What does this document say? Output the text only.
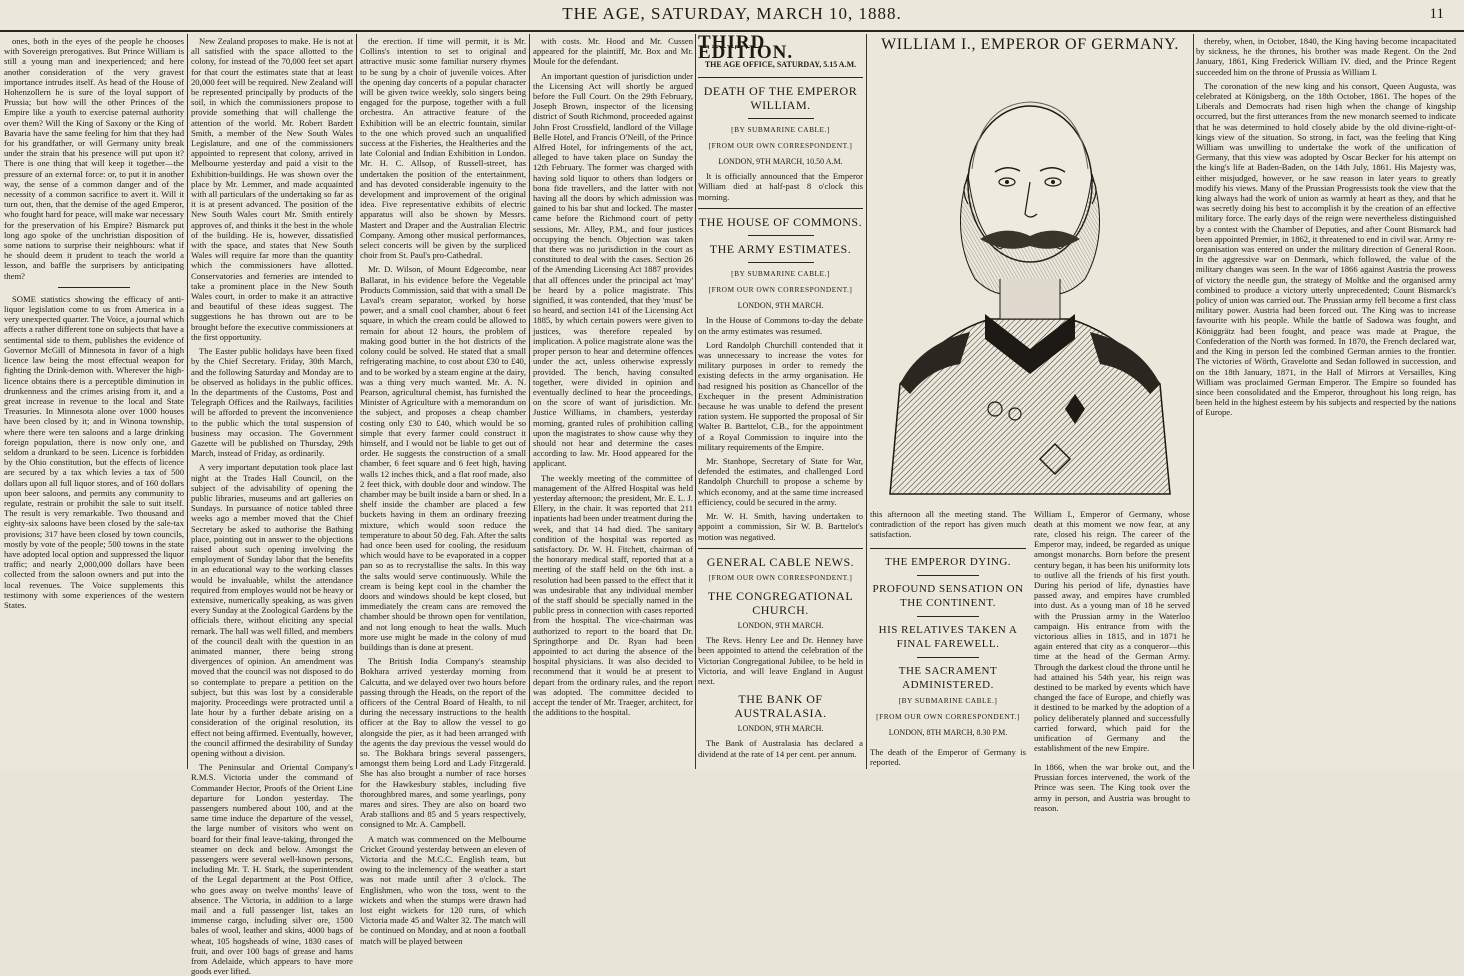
THE AGE, SATURDAY, MARCH 10, 1888.	11

ones, both in the eyes of the people he chooses with Sovereign prerogatives. But Prince William is still a young man and inexperienced; and here another consideration of the very gravest importance intrudes itself. As head of the House of Hohenzollern he is sure of the loyal support of Prussia; but how will the other Princes of the Empire like a youth to exercise paternal authority over them? Will the King of Saxony or the King of Bavaria have the same feeling for him that they had for his grandfather, or will Germany unity break under the strain that his presence will put upon it? There is one thing that will keep it together—the pressure of an external force: or, to put it in another way, the sense of a common danger and of the necessity of a common sacrifice to avert it. Will it turn out, then, that the demise of the aged Emperor, who fought hard for peace, will make war necessary for the preservation of his Empire? Bismarck put long ago spoke of the unchristian disposition of some nations to surprise their neighbours: what if he should deem it prudent to teach the world a lesson, and baffle the surprisers by anticipating them?

SOME statistics showing the efficacy of anti-liquor legislation come to us from America in a very unexpected quarter. The Voice, a journal which affects a rather different tone on subjects that have a sentimental side to them, publishes the evidence of Governor McGill of Minnesota in favor of a high licence law being the most effectual weapon for fighting the Drink-demon with. Wherever the high-licence obtains there is a perceptible diminution in drunkenness and the crimes arising from it, and a great increase in revenue to the local and State Treasuries. In Minnesota alone over 1000 houses have been closed by it; and in Winona township, where there were ten saloons and a large drinking foreign population, there is now only one, and seldom a drunkard to be seen. Licence is forbidden by the Ohio constitution, but the effects of licence are secured by a tax which levies a tax of 500 dollars upon all full liquor stores, and of 160 dollars upon beer saloons, and permits any community to regulate, restrain or prohibit the sale to suit itself. The result is very remarkable. Two thousand and eighty-six saloons have been closed by the sale-tax provisions; 317 have been closed by town councils, mostly by vote of the people; 500 towns in the state have adopted local option and suppressed the liquor traffic; and nearly 2,000,000 dollars have been collected from the saloon owners and put into the local revenues. The Voice supplements this testimony with some experiences of the western States.

New Zealand proposes to make. He is not at all satisfied with the space allotted to the colony, for instead of the 70,000 feet set apart for that court the estimates state that at least 20,000 feet will be required. New Zealand will be represented principally by products of the soil, in which the commissioners propose to provide something that will challenge the attention of the world. Mr. Robert Bardett Smith, a member of the New South Wales Legislature, and one of the commissioners appointed to represent that colony, arrived in Melbourne yesterday and paid a visit to the Exhibition-buildings. He was shown over the place by Mr. Lemmer, and made acquainted with all particulars of the undertaking so far as it is at present advanced. The position of the New South Wales court Mr. Smith entirely approves of, and thinks it the best in the whole of the building. He is, however, dissatisfied with the space, and states that New South Wales will require far more than the quantity which the commissioners have allotted. Conservatories and ferneries are intended to take a prominent place in the New South Wales court, in order to make it an attractive and beautiful of these ideas suggest. The suggestions he has thrown out are to be brought before the executive commissioners at the first opportunity.

The Easter public holidays have been fixed by the Chief Secretary. Friday, 30th March, and the following Saturday and Monday are to be observed as holidays in the public offices. In the departments of the Customs, Post and Telegraph Offices and the Railways, facilities will be afforded to prevent the inconvenience to the public which the total suspension of business may occasion. The Government Gazette will be published on Thursday, 29th March, instead of Friday, as ordinarily.

A very important deputation took place last night at the Trades Hall Council, on the subject of the advisability of opening the public libraries, museums and art galleries on Sundays. In pursuance of notice tabled three weeks ago a member moved that the Chief Secretary be asked to authorise the Bathing place, pointing out in answer to the objections raised about such opening involving the employment of Sunday labor that the benefits in an educational way to the working classes would be invaluable, whilst the attendance required from employes would not be heavy or extensive, numerically speaking, as was given every Sunday at the Zoological Gardens by the officials there, without eliciting any special remark. The hall was well filled, and members of the council dealt with the question in an animated manner, there being strong divergences of opinion. An amendment was moved that the council was not disposed to do so contemplate to prepare a petition on the subject, but this was lost by a considerable majority. Proceedings were protracted until a late hour by a further debate arising on a consideration of the original resolution, its effect not being affirmed. Eventually, however, the council affirmed the desirability of Sunday opening without a division.

The Peninsular and Oriental Company's R.M.S. Victoria under the command of Commander Hector, Proofs of the Orient Line departure for London yesterday. The passengers numbered about 100, and at the same time induce the departure of the vessel, the large number of visitors who went on board for their final leave-taking, thronged the steamer on deck and below. Amongst the passengers were several well-known persons, including Mr. T. H. Stark, the superintendent of the Legal department at the Post Office, who goes away on twelve months' leave of absence. The Victoria, in addition to a large mail and a full passenger list, takes an immense cargo, including silver ore, 1500 bales of wool, leather and skins, 4000 bags of wheat, 105 hogsheads of wine, 1830 cases of fruit, and over 100 bags of grease and hams from Adelaide, which appears to have more goods ever lifted.

the erection. If time will permit, it is Mr. Collins's intention to set to original and attractive music some familiar nursery rhymes to be sung by a choir of juvenile voices. After the opening day concerts of a popular character will be given twice weekly, solo singers being engaged for the purpose, together with a full orchestra. An attractive feature of the Exhibition will be an electric fountain, similar to the one which proved such an unqualified success at the Fisheries, the Healtheries and the late Colonial and Indian Exhibition in London. Mr. H. C. Allsop, of Russell-street, has undertaken the position of the entertainment, and has devoted considerable ingenuity to the development and improvement of the original idea. Five representative exhibits of electric apparatus will also be shown by Messrs. Mastert and Draper and the Australian Electric Company. Among other musical performances, select concerts will be given by the surpliced choir from St. Paul's pro-Cathedral.

Mr. D. Wilson, of Mount Edgecombe, near Ballarat, in his evidence before the Vegetable Products Commission, said that with a small De Laval's cream separator, worked by horse power, and a small cool chamber, about 6 feet square, in which the cream could be allowed to remain for about 12 hours, the problem of making good butter in the hot districts of the colony could be solved. He stated that a small refrigerating machine, to cost about £30 to £40, and to be worked by a steam engine at the dairy, was a thing very much wanted. Mr. A. N. Pearson, agricultural chemist, has furnished the Minister of Agriculture with a memorandum on the subject, and proposes a cheap chamber costing only £30 to £40, which would be so simple that every farmer could construct it himself, and I would not be liable to get out of order. He suggests the construction of a small chamber, 6 feet square and 6 feet high, having walls 12 inches thick, and a flat roof made, also 2 feet thick, with double door and window. The chamber may be built inside a barn or shed. In a shelf inside the chamber are placed a few buckets having in them an ordinary freezing mixture, which would soon reduce the temperature to about 50 deg. Fah. After the salts had once been used for cooling, the residuum which would have to be evaporated in a copper pan so as to recrystallise the salts. In this way the salts would serve continuously. While the cream is being kept cool in the chamber the doors and windows should be kept closed, but immediately the cream cans are removed the chamber should be thrown open for ventilation, and not long enough to heat the walls. Much more use might be made in the colony of mud buildings than is done at present.

The British India Company's steamship Bokhara arrived yesterday morning from Calcutta, and we delayed over two hours before passing through the Heads, on the report of the officers of the Central Board of Health, to nil during the necessary instructions to the health officer at the Bay to allow the vessel to go alongside the pier, as it had been arranged with the agents the day previous the vessel would do so. The Bokhara brings several passengers, amongst them being Lord and Lady Fitzgerald. She has also brought a number of race horses for the Hawkesbury stables, including five thoroughbred mares, and some yearlings, pony mares and sires. They are also on board two Arab stallions and 85 and 5 years respectively, consigned to Mr. A. Campbell.

A match was commenced on the Melbourne Cricket Ground yesterday between an eleven of Victoria and the M.C.C. English team, but owing to the inclemency of the weather a start was not made until after 3 o'clock. The Englishmen, who won the toss, went to the wickets and when the stumps were drawn had lost eight wickets for 120 runs, of which Victoria made 45 and Walter 32. The match will be continued on Monday, and at noon a football match will be played between

with costs. Mr. Hood and Mr. Cussen appeared for the plaintiff, Mr. Box and Mr. Moule for the defendant.

An important question of jurisdiction under the Licensing Act will shortly be argued before the Full Court. On the 29th February, Joseph Brown, inspector of the licensing district of South Richmond, proceeded against John Frost Crossfield, landlord of the Village Belle Hotel, and Francis O'Neill, of the Prince Alfred Hotel, for infringements of the act, alleged to have taken place on Sunday the 12th February. The former was charged with having sold liquor to others than lodgers or bona fide travellers, and the latter with not having all the doors by which admission was gained to his bar shut and locked. The master came before the Richmond court of petty sessions, Mr. Alley, P.M., and four justices occupying the bench. Objection was taken that there was no jurisdiction in the court as constituted to deal with the cases. Section 26 of the Amending Licensing Act 1887 provides that all offences under the principal act 'may' be heard by a police magistrate. This signified, it was contended, that they 'must' be so heard, and section 141 of the Licensing Act 1885, by which certain powers were given to justices, was therefore repealed by implication. A police magistrate alone was the proper person to hear and determine offences under the act, unless otherwise expressly provided. The bench, having consulted together, were divided in opinion and eventually declined to hear the proceedings, on the score of want of jurisdiction. Mr. Justice Williams, in chambers, yesterday morning, granted rules of prohibition calling upon the magistrates to show cause why they should not hear and determine the cases according to law. Mr. Hood appeared for the applicant.

The weekly meeting of the committee of management of the Alfred Hospital was held yesterday afternoon; the president, Mr. E. L. J. Ellery, in the chair. It was reported that 211 inpatients had been under treatment during the week, and that 14 had died. The sanitary condition of the hospital was reported as satisfactory. Dr. W. H. Fitchett, chairman of the honorary medical staff, reported that at a meeting of the staff held on the 6th inst. a resolution had been passed to the effect that it was undesirable that any individual member of the staff should be specially named in the public press in connection with cases reported from the hospital. The vice-chairman was authorized to report to the board that Dr. Springthorpe and Dr. Ryan had been appointed to act during the absence of the hospital physicians. It was also decided to recommend that it would be at present to depart from the ordinary rules, and the report was adopted. The committee decided to accept the tender of Mr. Traeger, architect, for the additions to the hospital.

THIRD EDITION.
THE AGE OFFICE, SATURDAY, 5.15 A.M.
DEATH OF THE EMPEROR WILLIAM.
[BY SUBMARINE CABLE.]
[FROM OUR OWN CORRESPONDENT.]
LONDON, 9TH MARCH, 10.50 A.M.

It is officially announced that the Emperor William died at half-past 8 o'clock this morning.

THE HOUSE OF COMMONS.
THE ARMY ESTIMATES.
[BY SUBMARINE CABLE.]
[FROM OUR OWN CORRESPONDENT.]
LONDON, 9TH MARCH.

In the House of Commons to-day the debate on the army estimates was resumed.

Lord Randolph Churchill contended that it was unnecessary to increase the votes for military purposes in order to remedy the existing defects in the army organisation. He had resigned his position as Chancellor of the Exchequer in the present Administration because he was unable to defend the present ration system. He supported the proposal of Sir Walter B. Barttelot, C.B., for the appointment of a Royal Commission to inquire into the military requirements of the Empire.

Mr. Stanhope, Secretary of State for War, defended the estimates, and challenged Lord Randolph Churchill to propose a scheme by which economy, and at the same time increased efficiency, could be secured in the army.

Mr. W. H. Smith, having undertaken to appoint a commission, Sir W. B. Barttelot's motion was negatived.

GENERAL CABLE NEWS.
[FROM OUR OWN CORRESPONDENT.]
THE CONGREGATIONAL CHURCH.
LONDON, 9TH MARCH.

The Revs. Henry Lee and Dr. Henney have been appointed to attend the celebration of the Victorian Congregational Jubilee, to be held in Victoria, and will leave England in August next.

THE BANK OF AUSTRALASIA.
LONDON, 9TH MARCH.

The Bank of Australasia has declared a dividend at the rate of 14 per cent. per annum.

WILLIAM I., EMPEROR OF GERMANY.

this afternoon all the meeting stand. The contradiction of the report has given much satisfaction.

THE EMPEROR DYING.
PROFOUND SENSATION ON THE CONTINENT.
HIS RELATIVES TAKEN A FINAL FAREWELL.
THE SACRAMENT ADMINISTERED.
[BY SUBMARINE CABLE.]
[FROM OUR OWN CORRESPONDENT.]
LONDON, 8TH MARCH, 8.30 P.M.

The death of the Emperor of Germany is reported.

William I., Emperor of Germany, whose death at this moment we now fear, at any rate, closed his reign. The career of the Emperor may, indeed, be regarded as unique amongst monarchs. Born before the present century began, it has been his uniformity lots to outlive all the friends of his first youth. During his period of life, dynasties have passed away, and empires have crumbled into dust. As a young man of 18 he served with the Prussian army in the Waterloo campaign. His entrance from with the victorious allies in 1815, and in 1871 he again entered that city as a conqueror—this time at the head of the German Army. Through the darkest cloud the throne until he had attained his 54th year, his reign was destined to be marked by events which have changed the face of Europe, and chiefly was it destined to be marked by the adoption of a policy deliberately planned and successfully carried forward, which paid for the unification of Germany and the establishment of the new Empire.

In 1866, when the war broke out, and the Prussian forces intervened, the work of the Prince was seen. The King took over the army in person, and Austria was brought to reason.

thereby, when, in October, 1840, the King having become incapacitated by sickness, he the thrones, his brother was made Regent. On the 2nd January, 1861, King Frederick William IV. died, and the Prince Regent succeeded him on the throne of Prussia as William I.

The coronation of the new king and his consort, Queen Augusta, was celebrated at Königsberg, on the 18th October, 1861. The hopes of the Liberals and Democrats had risen high when the change of kingship occurred, but the first utterances from the new monarch seemed to indicate that he was determined to hold closely abide by the old divine-right-of-kings view of the situation. So strong, in fact, was the feeling that King William was unwilling to undertake the work of the unification of Germany, that this view was adopted by Oscar Becker for his attempt on the king's life at Baden-Baden, on the 14th July, 1861. His Majesty was, either misjudged, however, or he saw reason in later years to greatly modify his views. Many of the Prussian Progressists took the view that the king always had the work of union as warmly at heart as they, and that he was secretly doing his best to accomplish it by the creation of an effective military force. The early days of the reign were nevertheless distinguished by a contest with the Chamber of Deputies, and after Count Bismarck had been appointed Premier, in 1862, it threatened to end in civil war. Army re-organisation was entered on under the military direction of General Roon. In the aggressive war on Denmark, which followed, the value of the military changes was seen. In the war of 1866 against Austria the prowess of victory the needle gun, the strategy of Moltke and the organised army combined to produce a victory utterly unprecedented; Count Bismarck's policy of union was carried out. The Prussian army fell become a first class military power. Austria had been forced out. The King was to increase favourite with his people. While the battle of Sadowa was fought, and Königgrätz had been fought, and peace was made at Prague, the Confederation of the North was formed. In 1870, the French declared war, and the King in person led the combined German armies to the frontier. The victories of Wörth, Gravelotte and Sedan followed in succession, and on the 18th January, 1871, in the Hall of Mirrors at Versailles, King William was proclaimed German Emperor. The Empire so founded has since been consolidated and the Emperor, throughout his long reign, has been held in the highest esteem by his subjects and respected by the nations of Europe.
